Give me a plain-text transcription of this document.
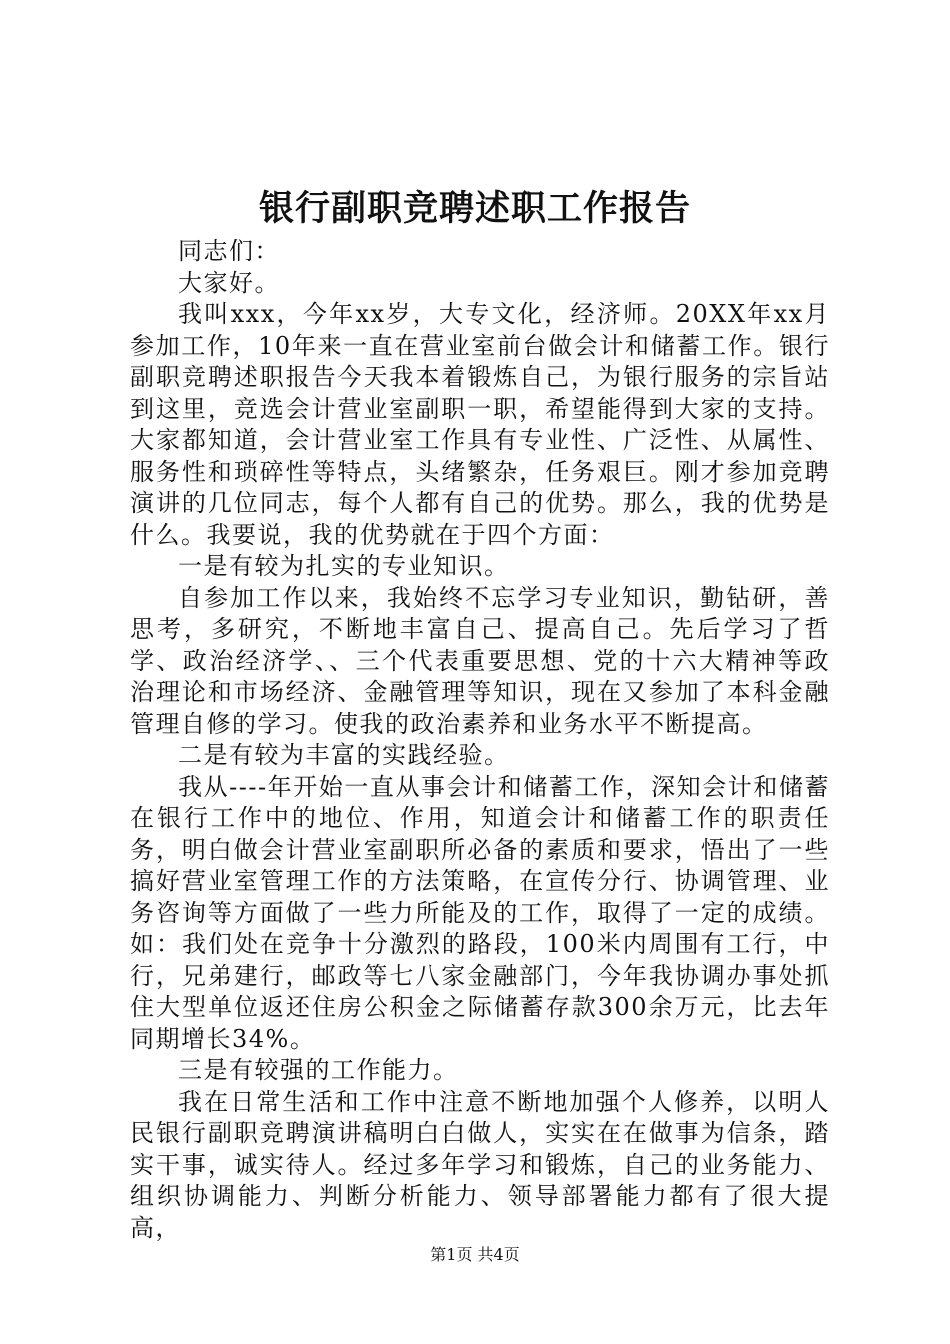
银行副职竞聘述职工作报告

同志们：

大家好。

我叫xxx，今年xx岁，大专文化，经济师。20XX年xx月参加工作，10年来一直在营业室前台做会计和储蓄工作。银行副职竞聘述职报告今天我本着锻炼自己，为银行服务的宗旨站到这里，竞选会计营业室副职一职，希望能得到大家的支持。大家都知道，会计营业室工作具有专业性、广泛性、从属性、服务性和琐碎性等特点，头绪繁杂，任务艰巨。刚才参加竞聘演讲的几位同志，每个人都有自己的优势。那么，我的优势是什么。我要说，我的优势就在于四个方面：

一是有较为扎实的专业知识。

自参加工作以来，我始终不忘学习专业知识，勤钻研，善思考，多研究，不断地丰富自己、提高自己。先后学习了哲学、政治经济学、、三个代表重要思想、党的十六大精神等政治理论和市场经济、金融管理等知识，现在又参加了本科金融管理自修的学习。使我的政治素养和业务水平不断提高。

二是有较为丰富的实践经验。

我从----年开始一直从事会计和储蓄工作，深知会计和储蓄在银行工作中的地位、作用，知道会计和储蓄工作的职责任务，明白做会计营业室副职所必备的素质和要求，悟出了一些搞好营业室管理工作的方法策略，在宣传分行、协调管理、业务咨询等方面做了一些力所能及的工作，取得了一定的成绩。如：我们处在竞争十分激烈的路段，100米内周围有工行，中行，兄弟建行，邮政等七八家金融部门，今年我协调办事处抓住大型单位返还住房公积金之际储蓄存款300余万元，比去年同期增长34%。

三是有较强的工作能力。

我在日常生活和工作中注意不断地加强个人修养，以明人民银行副职竞聘演讲稿明白白做人，实实在在做事为信条，踏实干事，诚实待人。经过多年学习和锻炼，自己的业务能力、组织协调能力、判断分析能力、领导部署能力都有了很大提高，

第1页 共4页
